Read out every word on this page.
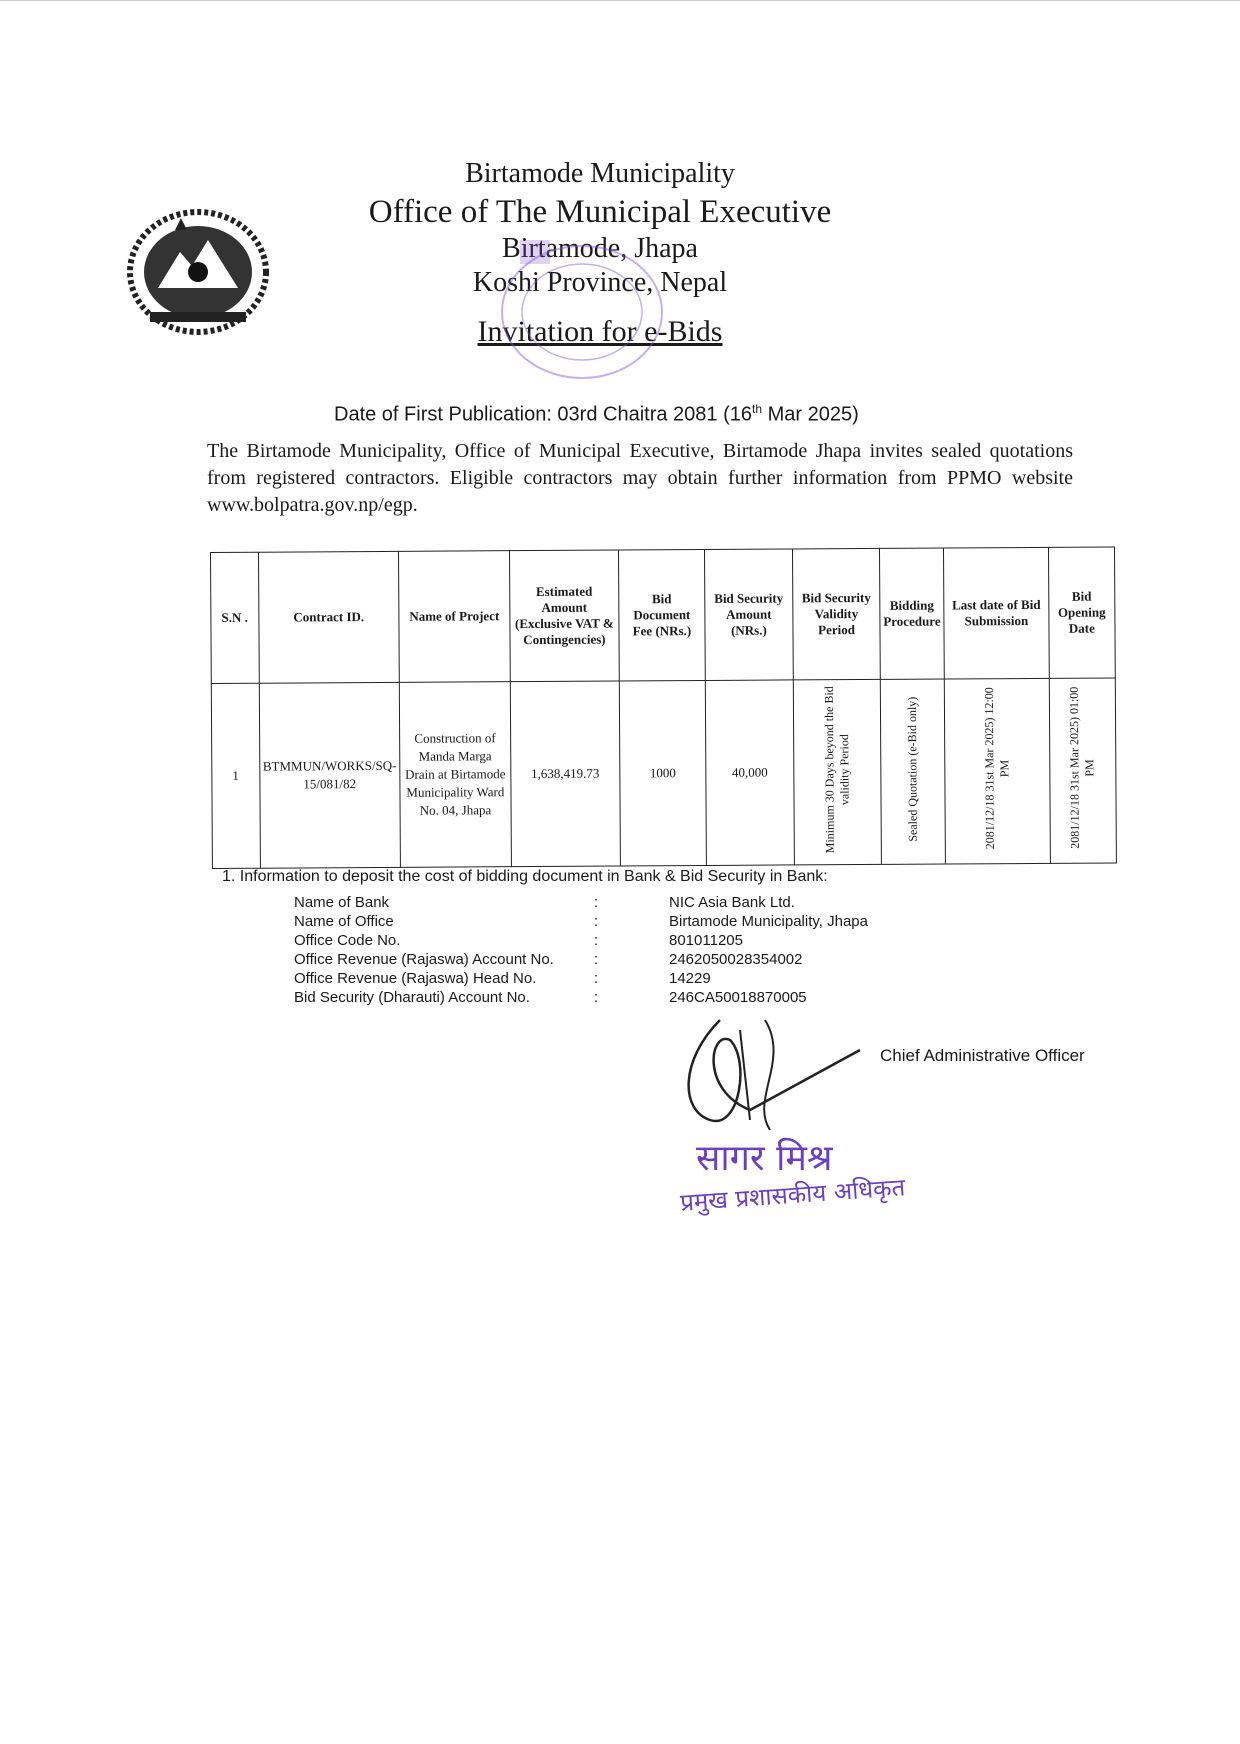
Birtamode Municipality
Office of The Municipal Executive
Birtamode, Jhapa
Koshi Province, Nepal
Invitation for e-Bids
Date of First Publication: 03rd Chaitra 2081 (16th Mar 2025)
The Birtamode Municipality, Office of Municipal Executive, Birtamode Jhapa invites sealed quotations from registered contractors. Eligible contractors may obtain further information from PPMO website www.bolpatra.gov.np/egp.
S.N .	Contract ID.	Name of Project	Estimated Amount (Exclusive VAT & Contingencies)	Bid Document Fee (NRs.)	Bid Security Amount (NRs.)	Bid Security Validity Period	Bidding Procedure	Last date of Bid Submission	Bid Opening Date
1	BTMMUN/WORKS/SQ-15/081/82	Construction of Manda Marga Drain at Birtamode Municipality Ward No. 04, Jhapa	1,638,419.73	1000	40,000	Minimum 30 Days beyond the Bid validity Period	Sealed Quotation (e-Bid only)	2081/12/18 31st Mar 2025) 12:00 PM	2081/12/18 31st Mar 2025) 01:00 PM
1. Information to deposit the cost of bidding document in Bank & Bid Security in Bank:
Name of Bank	:	NIC Asia Bank Ltd.
Name of Office	:	Birtamode Municipality, Jhapa
Office Code No.	:	801011205
Office Revenue (Rajaswa) Account No.	:	2462050028354002
Office Revenue (Rajaswa) Head No.	:	14229
Bid Security (Dharauti) Account No.	:	246CA50018870005
Chief Administrative Officer
सागर मिश्र
प्रमुख प्रशासकीय अधिकृत
